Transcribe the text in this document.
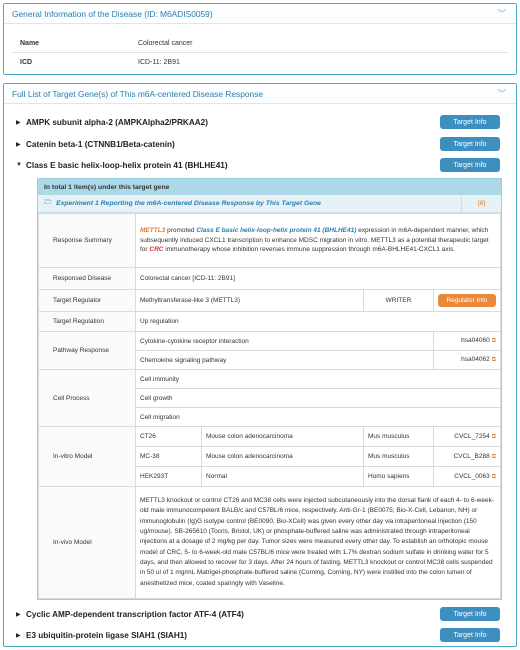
General Information of the Disease (ID: M6ADIS0059)	︾
Name	Colorectal cancer
ICD	ICD-11: 2B91
Full List of Target Gene(s) of This m6A-centered Disease Response	︾
▶ AMPK subunit alpha-2 (AMPKAlpha2/PRKAA2)	Target Info
▶ Catenin beta-1 (CTNNB1/Beta-catenin)	Target Info
▼ Class E basic helix-loop-helix protein 41 (BHLHE41)	Target Info
▶ Cyclic AMP-dependent transcription factor ATF-4 (ATF4)	Target Info
▶ E3 ubiquitin-protein ligase SIAH1 (SIAH1)	Target Info
In total 1 item(s) under this target gene
🗁 Experiment 1 Reporting the m6A-centered Disease Response by This Target Gene	[8]
Response Summary	METTL3 promoted Class E basic helix-loop-helix protein 41 (BHLHE41) expression in m6A-dependent manner, which subsequently induced CXCL1 transcription to enhance MDSC migration in vitro. METTL3 as a potential therapeutic target for CRC immunotherapy whose inhibition reverses immune suppression through m6A-BHLHE41-CXCL1 axis.			
Responsed Disease	Colorectal cancer [ICD-11: 2B91]			
Target Regulator	Methyltransferase-like 3 (METTL3)		WRITER	Regulator Info
Target Regulation	Up regulation			
Pathway Response	Cytokine-cytokine receptor interaction			hsa04060 ⧉
	Chemokine signaling pathway			hsa04062 ⧉
Cell Process	Cell immunity			
	Cell growth			
	Cell migration			
In-vitro Model	CT26	Mouse colon adenocarcinoma	Mus musculus	CVCL_7254 ⧉
	MC-38	Mouse colon adenocarcinoma	Mus musculus	CVCL_B288 ⧉
	HEK293T	Normal	Homo sapiens	CVCL_0063 ⧉
In-vivo Model	METTL3 knockout or control CT26 and MC38 cells were injected subcutaneously into the dorsal flank of each 4- to 6-week-old male immunocompetent BALB/c and C57BL/6 mice, respectively. Anti-Gr-1 (BE0075; Bio-X-Cell, Lebanon, NH) or immunoglobulin (Ig)G isotype control (BE0090, Bio-XCell) was given every other day via intraperitoneal injection (150 ug/mouse). SB-265610 (Tocris, Bristol, UK) or phosphate-buffered saline was administrated through intraperitoneal injections at a dosage of 2 mg/kg per day. Tumor sizes were measured every other day. To establish an orthotopic mouse model of CRC, 5- to 6-week-old male C57BL/6 mice were treated with 1.7% dextran sodium sulfate in drinking water for 5 days, and then allowed to recover for 3 days. After 24 hours of fasting, METTL3 knockout or control MC38 cells suspended in 50 ul of 1 mg/mL Matrigel-phosphate-buffered saline (Corning, Corning, NY) were instilled into the colon lumen of anesthetized mice, coated sparingly with Vaseline.			
